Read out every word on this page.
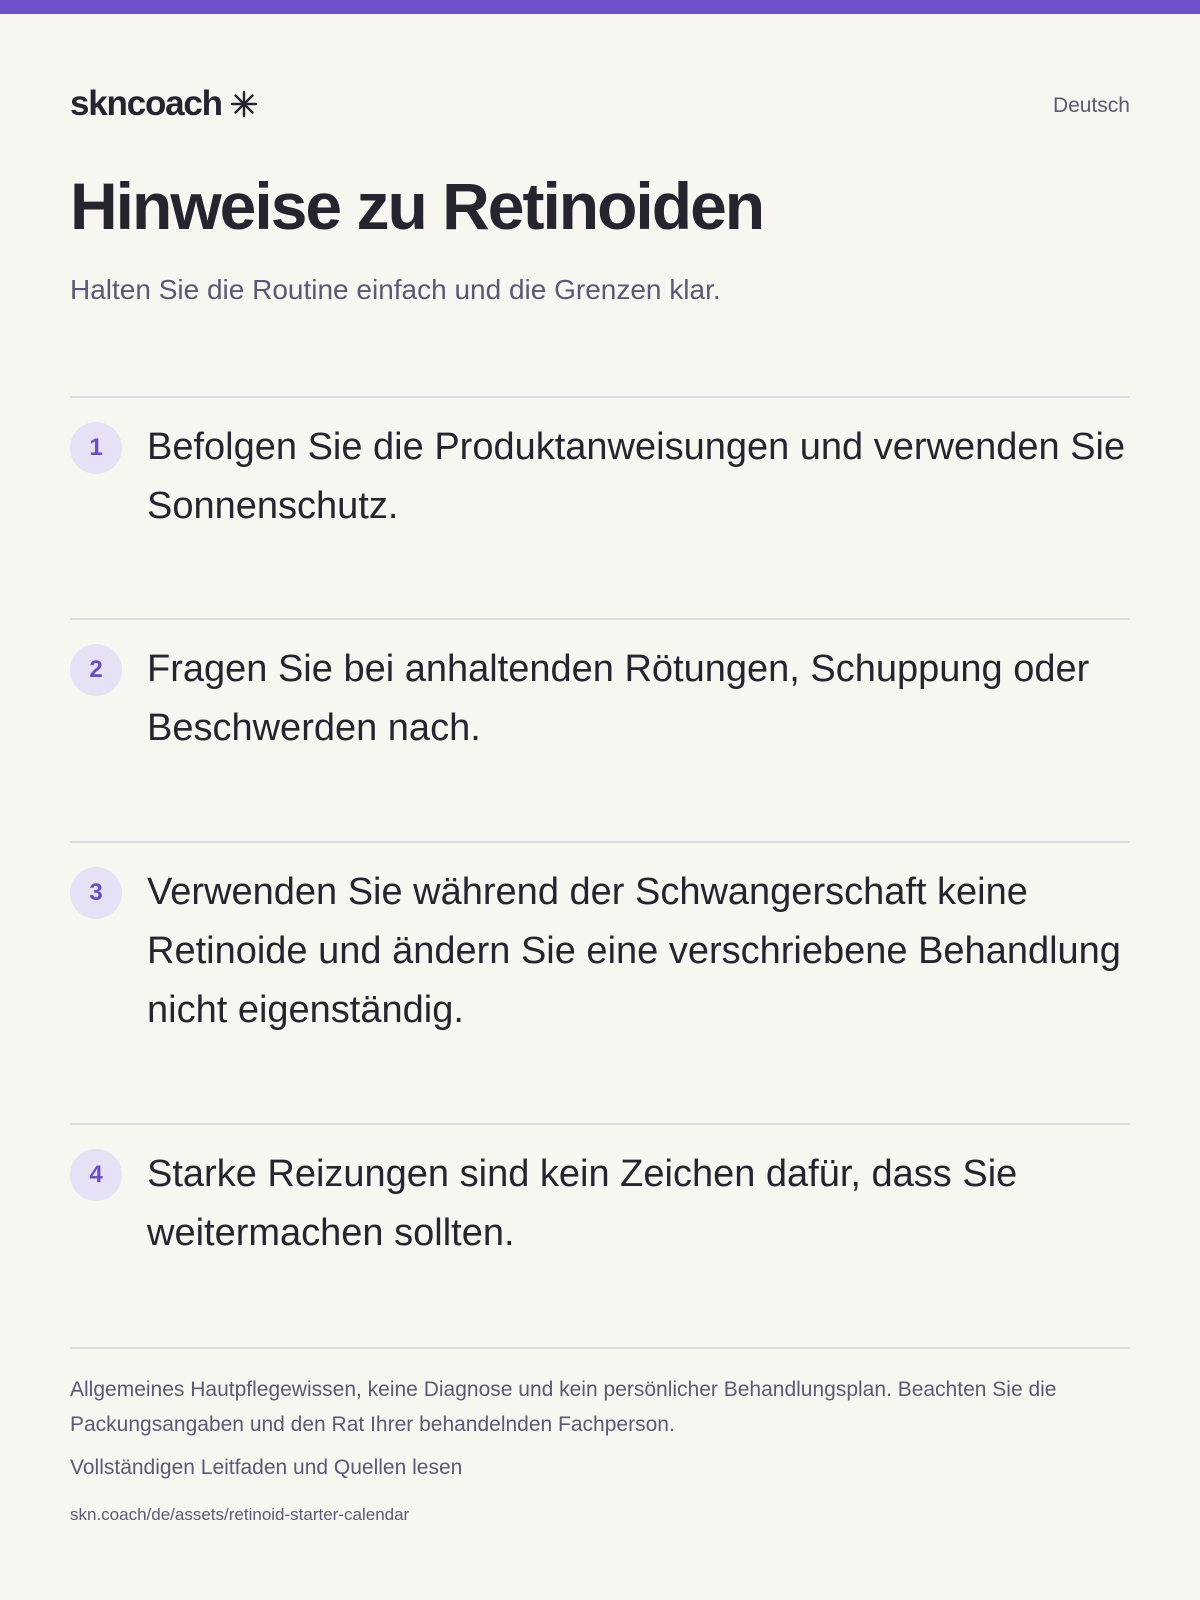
skncoach	Deutsch
Hinweise zu Retinoiden

Halten Sie die Routine einfach und die Grenzen klar.

1	Befolgen Sie die Produktanweisungen und verwenden Sie Sonnenschutz.

2	Fragen Sie bei anhaltenden Rötungen, Schuppung oder Beschwerden nach.

3	Verwenden Sie während der Schwangerschaft keine Retinoide und ändern Sie eine verschriebene Behandlung nicht eigenständig.

4	Starke Reizungen sind kein Zeichen dafür, dass Sie weitermachen sollten.

Allgemeines Hautpflegewissen, keine Diagnose und kein persönlicher Behandlungsplan. Beachten Sie die Packungsangaben und den Rat Ihrer behandelnden Fachperson.

Vollständigen Leitfaden und Quellen lesen

skn.coach/de/assets/retinoid-starter-calendar
